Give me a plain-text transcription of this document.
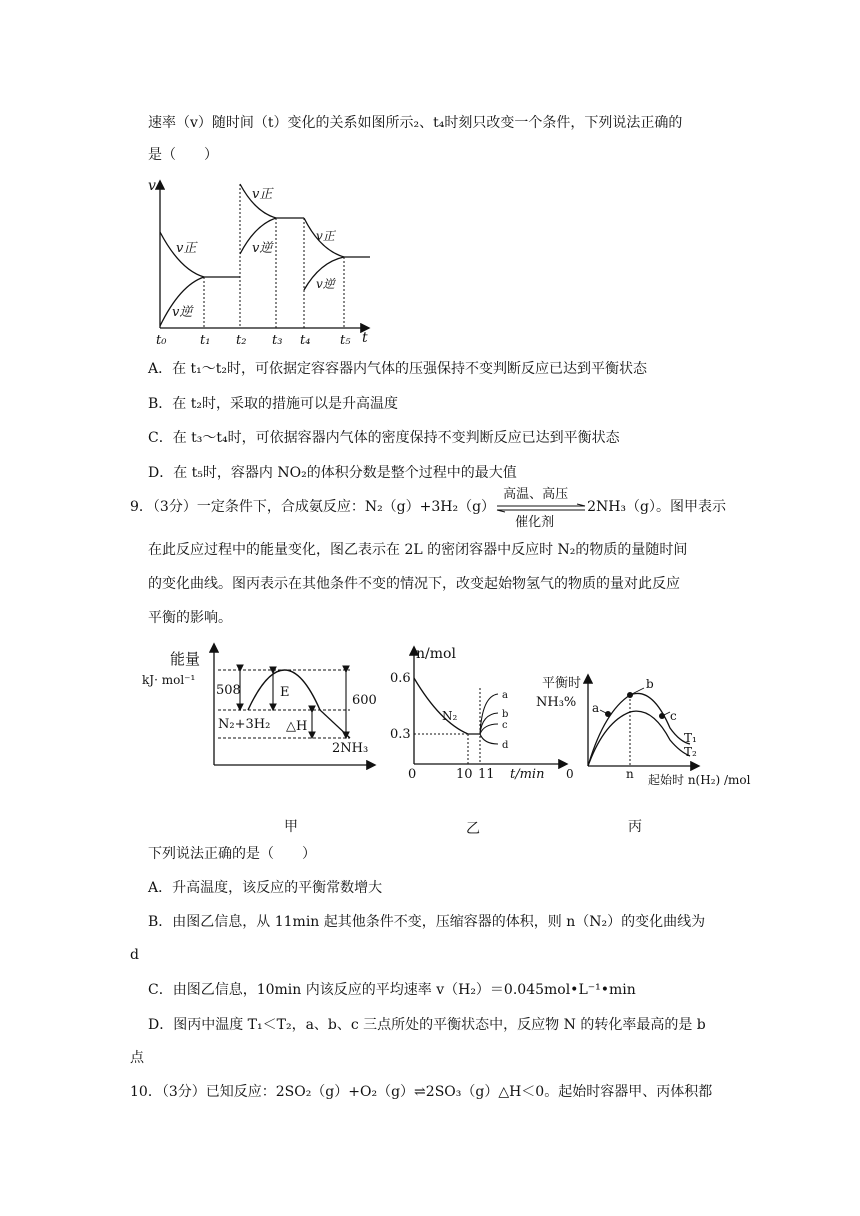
速率（v）随时间（t）变化的关系如图所示₂、t₄时刻只改变一个条件，下列说法正确的
是（　　）
v
t
v正
v逆
v正
v逆
v正
v逆
t₀	t₁ t₂ t₃ t₄ t₅
A．在 t₁～t₂时，可依据定容容器内气体的压强保持不变判断反应已达到平衡状态
B．在 t₂时，采取的措施可以是升高温度
C．在 t₃～t₄时，可依据容器内气体的密度保持不变判断反应已达到平衡状态
D．在 t₅时，容器内 NO₂的体积分数是整个过程中的最大值
9．（3分）一定条件下，合成氨反应：N₂（g）+3H₂（g）
高温、高压
催化剂
2NH₃（g）。图甲表示
在此反应过程中的能量变化，图乙表示在 2L 的密闭容器中反应时 N₂的物质的量随时间
的变化曲线。图丙表示在其他条件不变的情况下，改变起始物氢气的物质的量对此反应
平衡的影响。
能量
kJ· mol⁻¹
508	E
600
N₂+3H₂ △H
2NH₃
n/mol
0.6
0.3
0	10 11 t/min
N₂
a
b
c
d
0
平衡时
NH₃% a
b
c
T₁
T₂
n 起始时 n(H₂) /mol
甲	乙	丙
下列说法正确的是（　　）
A．升高温度，该反应的平衡常数增大
B．由图乙信息，从 11min 起其他条件不变，压缩容器的体积，则 n（N₂）的变化曲线为
d
C．由图乙信息，10min 内该反应的平均速率 v（H₂）＝0.045mol•L⁻¹•min
D．图丙中温度 T₁＜T₂，a、b、c 三点所处的平衡状态中，反应物 N 的转化率最高的是 b
点
10．（3分）已知反应：2SO₂（g）+O₂（g）⇌2SO₃（g）△H＜0。起始时容器甲、丙体积都
